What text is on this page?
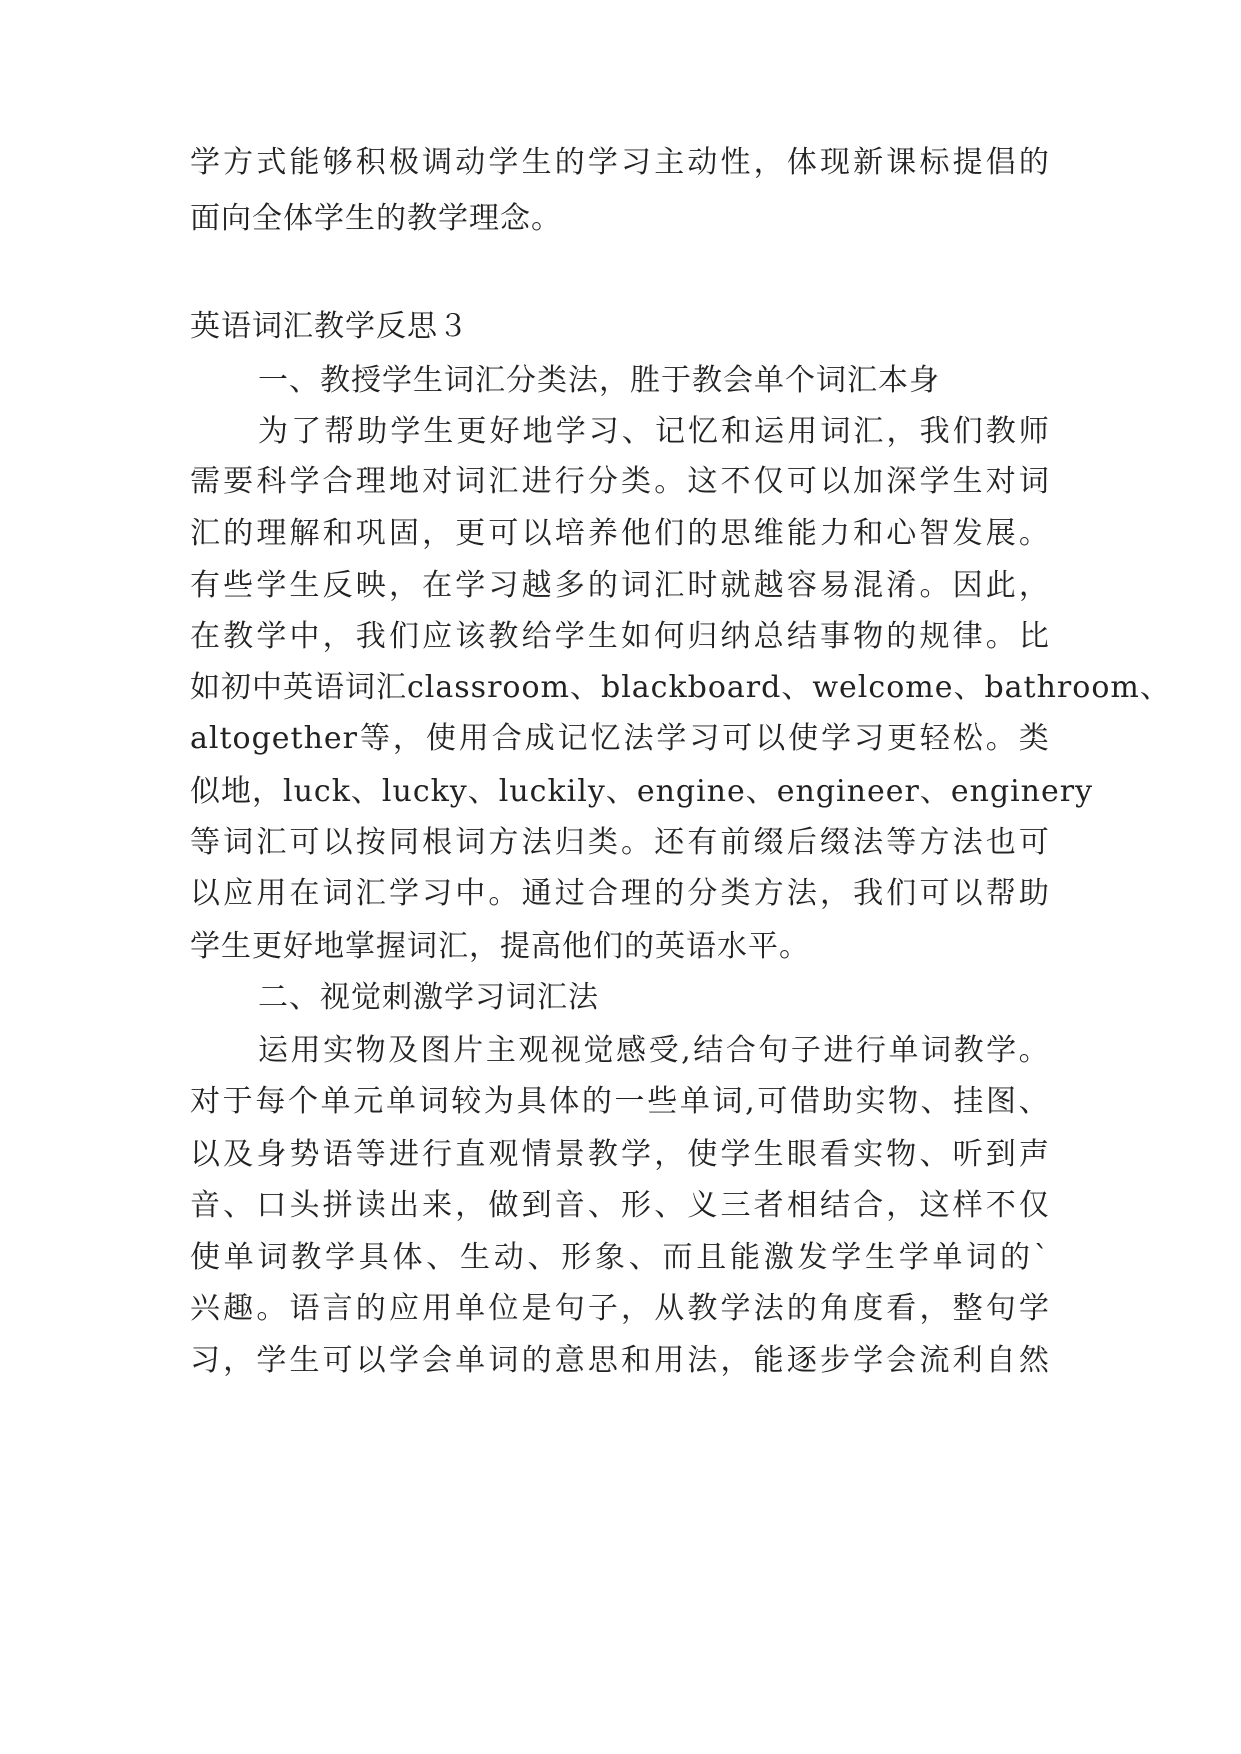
学 方 式 能 够 积 极 调 动 学 生 的 学 习 主 动 性 ， 体 现 新 课 标 提 倡 的
面向全体学生的教学理念。
英语词汇教学反思３
一、教授学生词汇分类法，胜于教会单个词汇本身
为 了 帮 助 学 生 更 好 地 学 习 、 记 忆 和 运 用 词 汇 ， 我 们 教 师
需 要 科 学 合 理 地 对 词 汇 进 行 分 类 。 这 不 仅 可 以 加 深 学 生 对 词
汇 的 理 解 和 巩 固 ， 更 可 以 培 养 他 们 的 思 维 能 力 和 心 智 发 展 。
有 些 学 生 反 映 ， 在 学 习 越 多 的 词 汇 时 就 越 容 易 混 淆 。 因 此 ，
在 教 学 中 ， 我 们 应 该 教 给 学 生 如 何 归 纳 总 结 事 物 的 规 律 。 比
如 初 中 英 语 词 汇 classroom 、 blackboard 、 welcome 、 bathroom 、
altogether 等 ， 使 用 合 成 记 忆 法 学 习 可 以 使 学 习 更 轻 松 。 类
似 地 ， luck 、 lucky 、 luckily 、 engine 、 engineer 、 enginery
等 词 汇 可 以 按 同 根 词 方 法 归 类 。 还 有 前 缀 后 缀 法 等 方 法 也 可
以 应 用 在 词 汇 学 习 中 。 通 过 合 理 的 分 类 方 法 ， 我 们 可 以 帮 助
学生更好地掌握词汇，提高他们的英语水平。
二、视觉刺激学习词汇法
运 用 实 物 及 图 片 主 观 视 觉 感 受 , 结 合 句 子 进 行 单 词 教 学 。
对 于 每 个 单 元 单 词 较 为 具 体 的 一 些 单 词 , 可 借 助 实 物 、 挂 图 、
以 及 身 势 语 等 进 行 直 观 情 景 教 学 ， 使 学 生 眼 看 实 物 、 听 到 声
音 、 口 头 拼 读 出 来 ， 做 到 音 、 形 、 义 三 者 相 结 合 ， 这 样 不 仅
使 单 词 教 学 具 体 、 生 动 、 形 象 、 而 且 能 激 发 学 生 学 单 词 的 `
兴 趣 。 语 言 的 应 用 单 位 是 句 子 ， 从 教 学 法 的 角 度 看 ， 整 句 学
习 ， 学 生 可 以 学 会 单 词 的 意 思 和 用 法 ， 能 逐 步 学 会 流 利 自 然
